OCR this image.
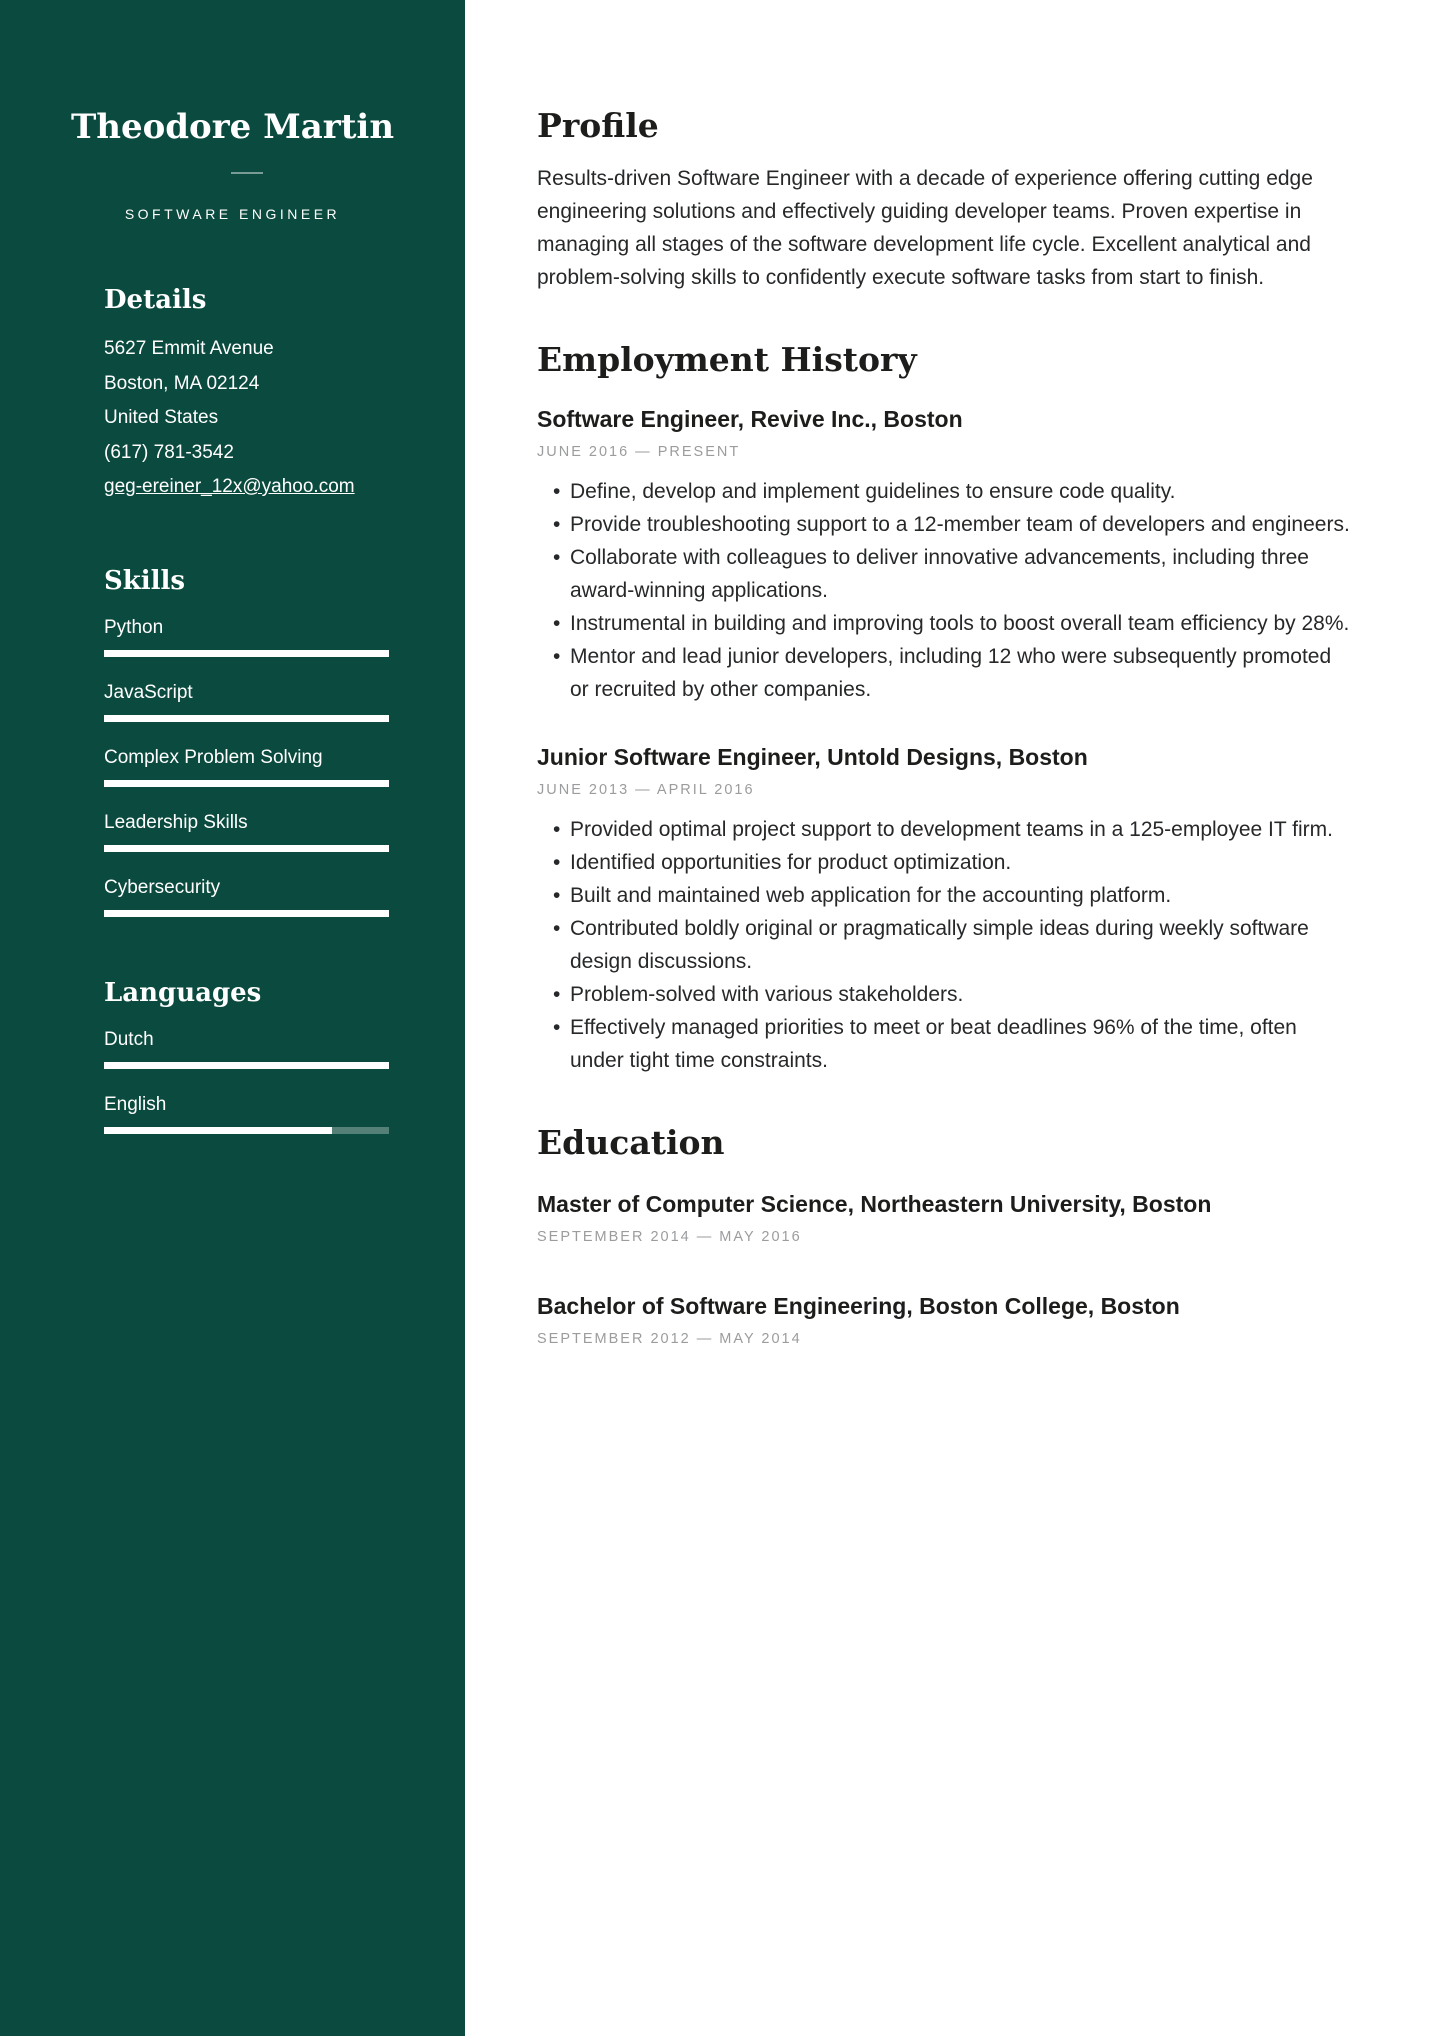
Theodore Martin
SOFTWARE ENGINEER
Details
5627 Emmit Avenue
Boston, MA 02124
United States
(617) 781-3542
geg-ereiner_12x@yahoo.com
Skills
Python
JavaScript
Complex Problem Solving
Leadership Skills
Cybersecurity
Languages
Dutch
English
Profile

Results-driven Software Engineer with a decade of experience offering cutting edge engineering solutions and effectively guiding developer teams. Proven expertise in managing all stages of the software development life cycle. Excellent analytical and problem-solving skills to confidently execute software tasks from start to finish.

Employment History
Software Engineer, Revive Inc., Boston
JUNE 2016 — PRESENT
• Define, develop and implement guidelines to ensure code quality.
• Provide troubleshooting support to a 12-member team of developers and engineers.
• Collaborate with colleagues to deliver innovative advancements, including three award-winning applications.
• Instrumental in building and improving tools to boost overall team efficiency by 28%.
• Mentor and lead junior developers, including 12 who were subsequently promoted or recruited by other companies.
Junior Software Engineer, Untold Designs, Boston
JUNE 2013 — APRIL 2016
• Provided optimal project support to development teams in a 125-employee IT firm.
• Identified opportunities for product optimization.
• Built and maintained web application for the accounting platform.
• Contributed boldly original or pragmatically simple ideas during weekly software design discussions.
• Problem-solved with various stakeholders.
• Effectively managed priorities to meet or beat deadlines 96% of the time, often under tight time constraints.
Education
Master of Computer Science, Northeastern University, Boston
SEPTEMBER 2014 — MAY 2016
Bachelor of Software Engineering, Boston College, Boston
SEPTEMBER 2012 — MAY 2014
